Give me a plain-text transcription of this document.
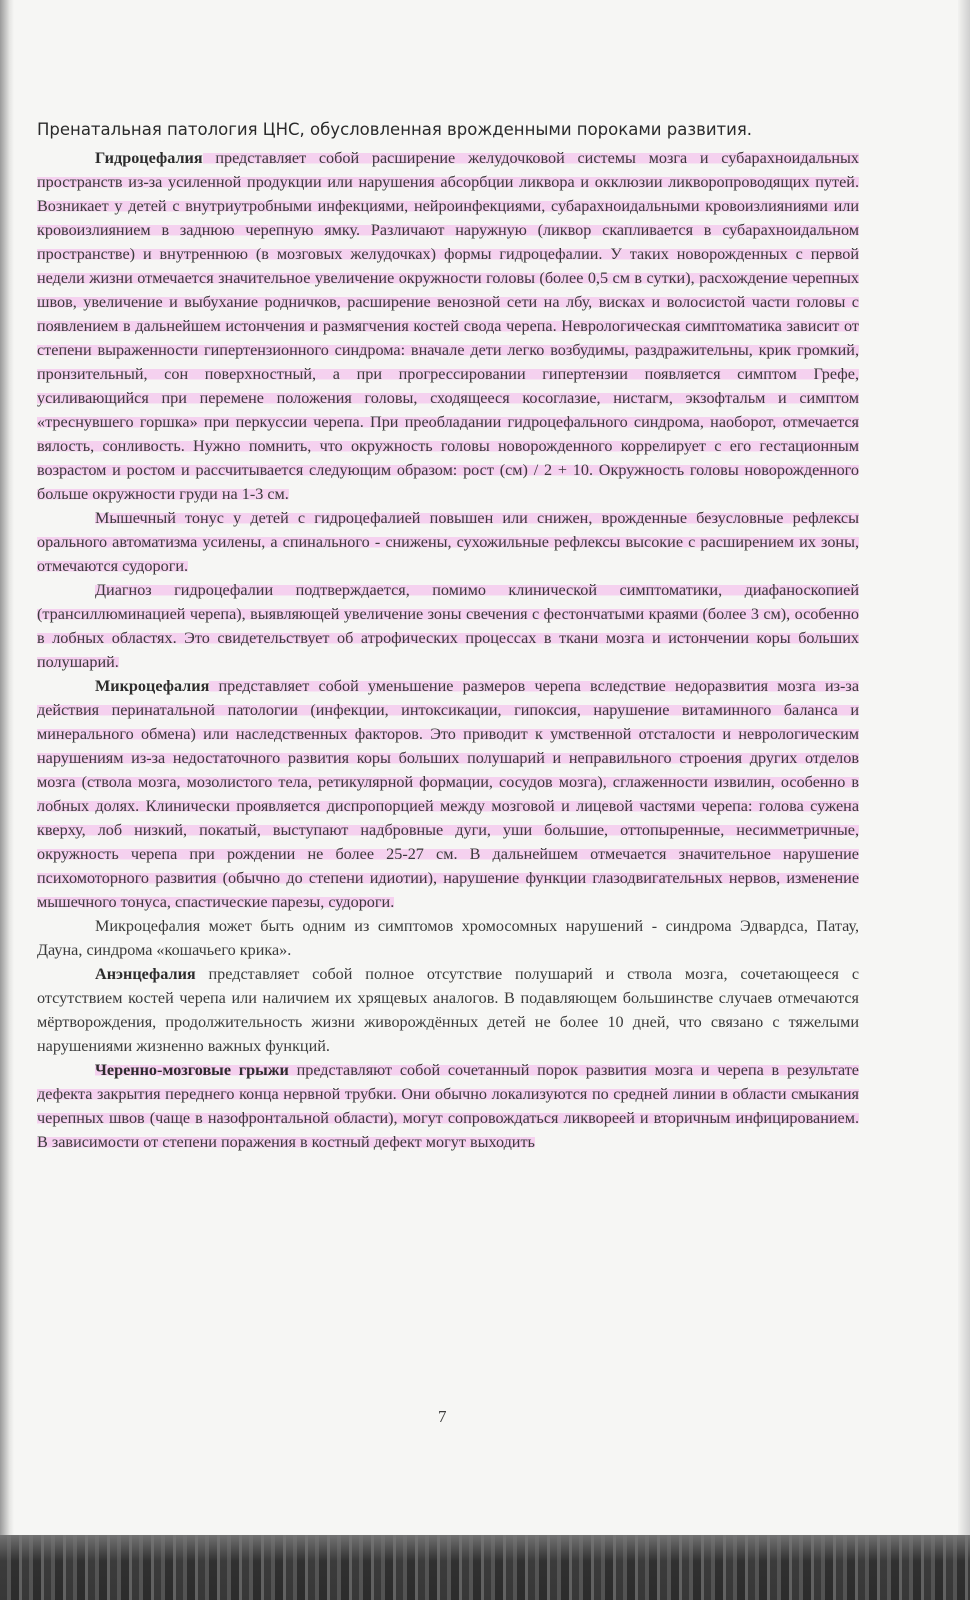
Пренатальная патология ЦНС, обусловленная врожденными пороками развития.

Гидроцефалия представляет собой расширение желудочковой системы мозга и субарахноидальных пространств из-за усиленной продукции или нарушения абсорбции ликвора и окклюзии ликворопроводящих путей. Возникает у детей с внутриутробными инфекциями, нейроинфекциями, субарахноидальными кровоизлияниями или кровоизлиянием в заднюю черепную ямку. Различают наружную (ликвор скапливается в субарахноидальном пространстве) и внутреннюю (в мозговых желудочках) формы гидроцефалии. У таких новорожденных с первой недели жизни отмечается значительное увеличение окружности головы (более 0,5 см в сутки), расхождение черепных швов, увеличение и выбухание родничков, расширение венозной сети на лбу, висках и волосистой части головы с появлением в дальнейшем истончения и размягчения костей свода черепа. Неврологическая симптоматика зависит от степени выраженности гипертензионного синдрома: вначале дети легко возбудимы, раздражительны, крик громкий, пронзительный, сон поверхностный, а при прогрессировании гипертензии появляется симптом Грефе, усиливающийся при перемене положения головы, сходящееся косоглазие, нистагм, экзофтальм и симптом «треснувшего горшка» при перкуссии черепа. При преобладании гидроцефального синдрома, наоборот, отмечается вялость, сонливость. Нужно помнить, что окружность головы новорожденного коррелирует с его гестационным возрастом и ростом и рассчитывается следующим образом: рост (см) / 2 + 10. Окружность головы новорожденного больше окружности груди на 1-3 см.

Мышечный тонус у детей с гидроцефалией повышен или снижен, врожденные безусловные рефлексы орального автоматизма усилены, а спинального - снижены, сухожильные рефлексы высокие с расширением их зоны, отмечаются судороги.

Диагноз гидроцефалии подтверждается, помимо клинической симптоматики, диафаноскопией (трансиллюминацией черепа), выявляющей увеличение зоны свечения с фестончатыми краями (более 3 см), особенно в лобных областях. Это свидетельствует об атрофических процессах в ткани мозга и истончении коры больших полушарий.

Микроцефалия представляет собой уменьшение размеров черепа вследствие недоразвития мозга из-за действия перинатальной патологии (инфекции, интоксикации, гипоксия, нарушение витаминного баланса и минерального обмена) или наследственных факторов. Это приводит к умственной отсталости и неврологическим нарушениям из-за недостаточного развития коры больших полушарий и неправильного строения других отделов мозга (ствола мозга, мозолистого тела, ретикулярной формации, сосудов мозга), сглаженности извилин, особенно в лобных долях. Клинически проявляется диспропорцией между мозговой и лицевой частями черепа: голова сужена кверху, лоб низкий, покатый, выступают надбровные дуги, уши большие, оттопыренные, несимметричные, окружность черепа при рождении не более 25-27 см. В дальнейшем отмечается значительное нарушение психомоторного развития (обычно до степени идиотии), нарушение функции глазодвигательных нервов, изменение мышечного тонуса, спастические парезы, судороги.

Микроцефалия может быть одним из симптомов хромосомных нарушений - синдрома Эдвардса, Патау, Дауна, синдрома «кошачьего крика».

Анэнцефалия представляет собой полное отсутствие полушарий и ствола мозга, сочетающееся с отсутствием костей черепа или наличием их хрящевых аналогов. В подавляющем большинстве случаев отмечаются мёртворождения, продолжительность жизни живорождённых детей не более 10 дней, что связано с тяжелыми нарушениями жизненно важных функций.

Черенно-мозговые грыжи представляют собой сочетанный порок развития мозга и черепа в результате дефекта закрытия переднего конца нервной трубки. Они обычно локализуются по средней линии в области смыкания черепных швов (чаще в назофронтальной области), могут сопровождаться ликвореей и вторичным инфицированием. В зависимости от степени поражения в костный дефект могут выходить

7
